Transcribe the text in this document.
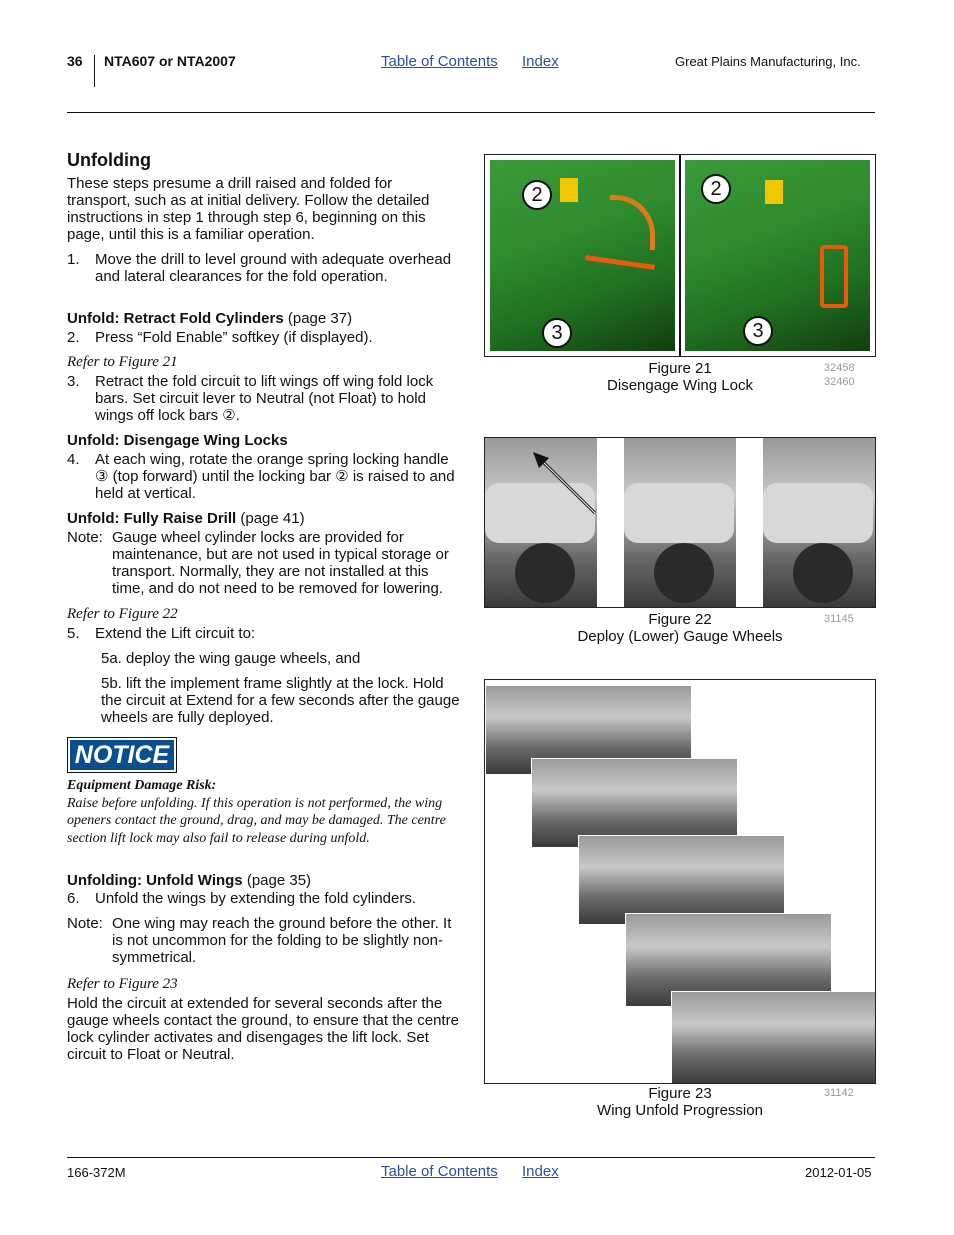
36 NTA607 or NTA2007	Table of Contents Index	Great Plains Manufacturing, Inc.
Unfolding
These steps presume a drill raised and folded for transport, such as at initial delivery. Follow the detailed instructions in step 1 through step 6, beginning on this page, until this is a familiar operation.
1. Move the drill to level ground with adequate overhead and lateral clearances for the fold operation.
Unfold: Retract Fold Cylinders (page 37)
2. Press “Fold Enable” softkey (if displayed).
Refer to Figure 21
3. Retract the fold circuit to lift wings off wing fold lock bars. Set circuit lever to Neutral (not Float) to hold wings off lock bars ②.
Unfold: Disengage Wing Locks
4. At each wing, rotate the orange spring locking handle ③ (top forward) until the locking bar ② is raised to and held at vertical.
Unfold: Fully Raise Drill (page 41)
Note: Gauge wheel cylinder locks are provided for maintenance, but are not used in typical storage or transport. Normally, they are not installed at this time, and do not need to be removed for lowering.
Refer to Figure 22
5. Extend the Lift circuit to:
5a. deploy the wing gauge wheels, and
5b. lift the implement frame slightly at the lock. Hold the circuit at Extend for a few seconds after the gauge wheels are fully deployed.
NOTICE
Equipment Damage Risk:
Raise before unfolding. If this operation is not performed, the wing openers contact the ground, drag, and may be damaged. The centre section lift lock may also fail to release during unfold.
Unfolding: Unfold Wings (page 35)
6. Unfold the wings by extending the fold cylinders.
Note: One wing may reach the ground before the other. It is not uncommon for the folding to be slightly non-symmetrical.
Refer to Figure 23
Hold the circuit at extended for several seconds after the gauge wheels contact the ground, to ensure that the centre lock cylinder activates and disengages the lift lock. Set circuit to Float or Neutral.
2
3
2
3
Figure 21
Disengage Wing Lock
32458
32460
Figure 22
Deploy (Lower) Gauge Wheels
31145
Figure 23
Wing Unfold Progression
31142
166-372M	Table of Contents Index	2012-01-05
